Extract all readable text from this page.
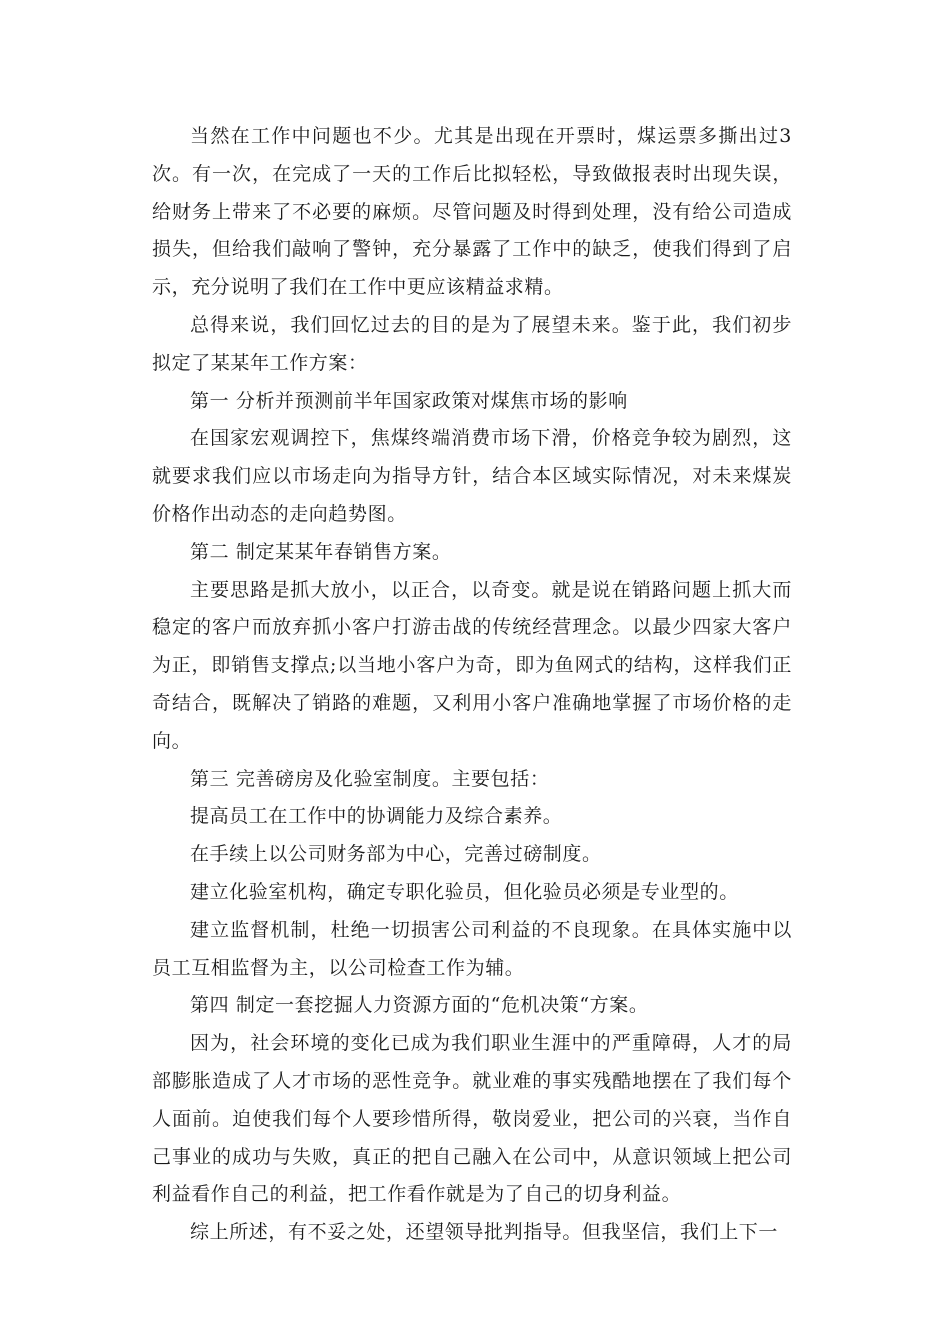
当然在工作中问题也不少。尤其是出现在开票时，煤运票多撕出过3次。有一次，在完成了一天的工作后比拟轻松，导致做报表时出现失误，给财务上带来了不必要的麻烦。尽管问题及时得到处理，没有给公司造成损失，但给我们敲响了警钟，充分暴露了工作中的缺乏，使我们得到了启示，充分说明了我们在工作中更应该精益求精。

总得来说，我们回忆过去的目的是为了展望未来。鉴于此，我们初步拟定了某某年工作方案：

第一 分析并预测前半年国家政策对煤焦市场的影响

在国家宏观调控下，焦煤终端消费市场下滑，价格竞争较为剧烈，这就要求我们应以市场走向为指导方针，结合本区域实际情况，对未来煤炭价格作出动态的走向趋势图。

第二 制定某某年春销售方案。

主要思路是抓大放小，以正合，以奇变。就是说在销路问题上抓大而稳定的客户而放弃抓小客户打游击战的传统经营理念。以最少四家大客户为正，即销售支撑点;以当地小客户为奇，即为鱼网式的结构，这样我们正奇结合，既解决了销路的难题，又利用小客户准确地掌握了市场价格的走向。

第三 完善磅房及化验室制度。主要包括：

提高员工在工作中的协调能力及综合素养。

在手续上以公司财务部为中心，完善过磅制度。

建立化验室机构，确定专职化验员，但化验员必须是专业型的。

建立监督机制，杜绝一切损害公司利益的不良现象。在具体实施中以员工互相监督为主，以公司检查工作为辅。

第四 制定一套挖掘人力资源方面的“危机决策“方案。

因为，社会环境的变化已成为我们职业生涯中的严重障碍，人才的局部膨胀造成了人才市场的恶性竞争。就业难的事实残酷地摆在了我们每个人面前。迫使我们每个人要珍惜所得，敬岗爱业，把公司的兴衰，当作自己事业的成功与失败，真正的把自己融入在公司中，从意识领域上把公司利益看作自己的利益，把工作看作就是为了自己的切身利益。

综上所述，有不妥之处，还望领导批判指导。但我坚信，我们上下一
